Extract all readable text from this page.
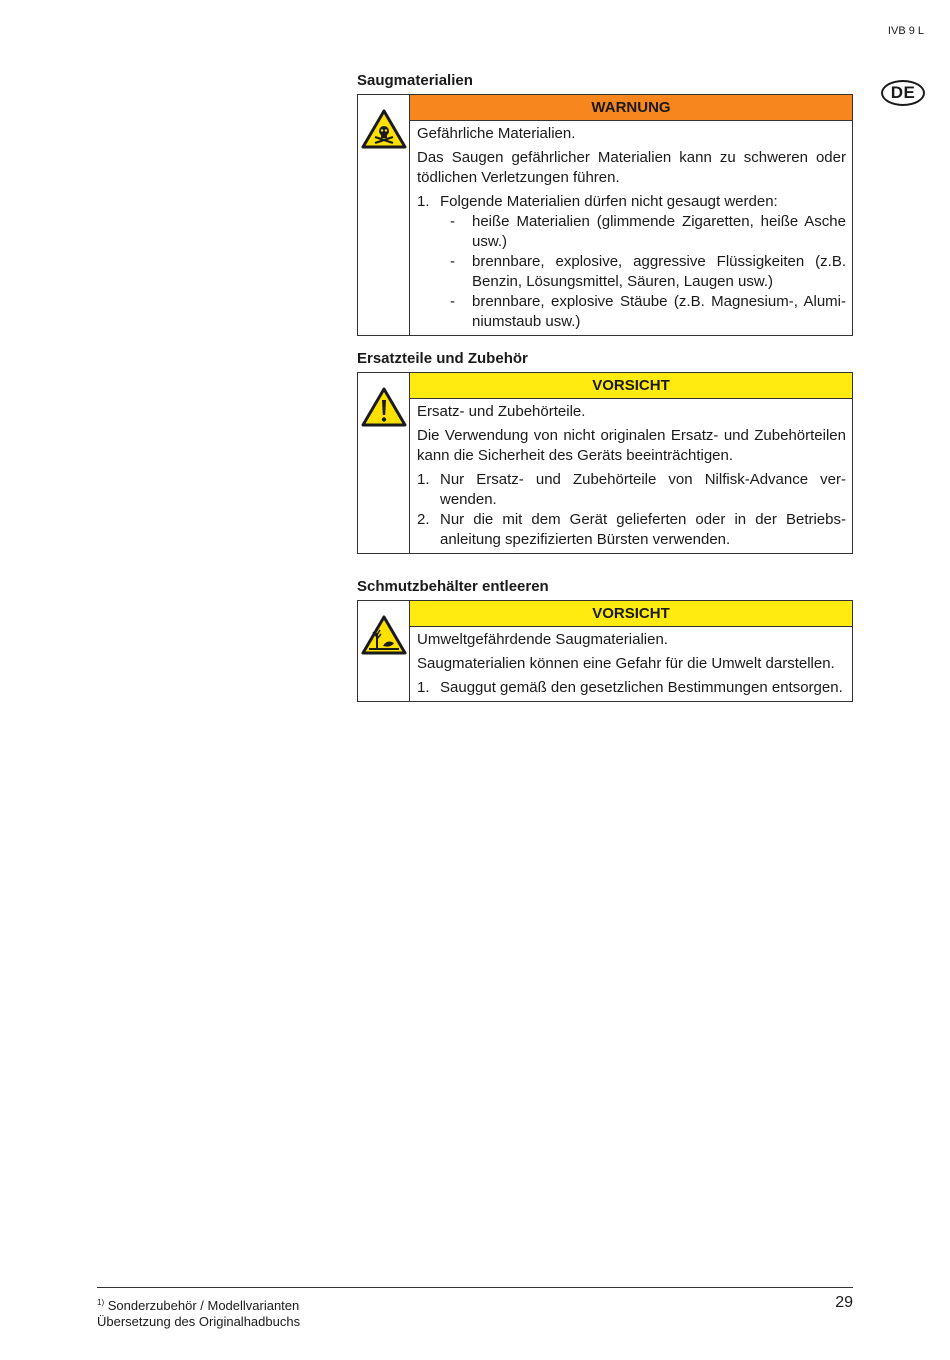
IVB 9 L
DE
Saugmaterialien
WARNUNG

Gefährliche Materialien.

Das Saugen gefährlicher Materialien kann zu schweren oder tödlichen Verletzungen führen.

1. Folgende Materialien dürfen nicht gesaugt werden:
-	heiße Materialien (glimmende Zigaretten, heiße Asche usw.)
-	brennbare, explosive, aggressive Flüssigkeiten (z.B. Benzin, Lösungsmittel, Säuren, Laugen usw.)
-	brennbare, explosive Stäube (z.B. Magnesium-, Aluminiumstaub usw.)
Ersatzteile und Zubehör
VORSICHT

Ersatz- und Zubehörteile.

Die Verwendung von nicht originalen Ersatz- und Zubehörteilen kann die Sicherheit des Geräts beeinträchtigen.

1. Nur Ersatz- und Zubehörteile von Nilfisk-Advance verwenden.
2. Nur die mit dem Gerät gelieferten oder in der Betriebsanleitung spezifizierten Bürsten verwenden.
Schmutzbehälter entleeren
VORSICHT

Umweltgefährdende Saugmaterialien.

Saugmaterialien können eine Gefahr für die Umwelt darstellen.

1. Sauggut gemäß den gesetzlichen Bestimmungen entsorgen.
$^{1)}$ Sonderzubehör / Modellvarianten
Übersetzung des Originalhadbuchs
29
